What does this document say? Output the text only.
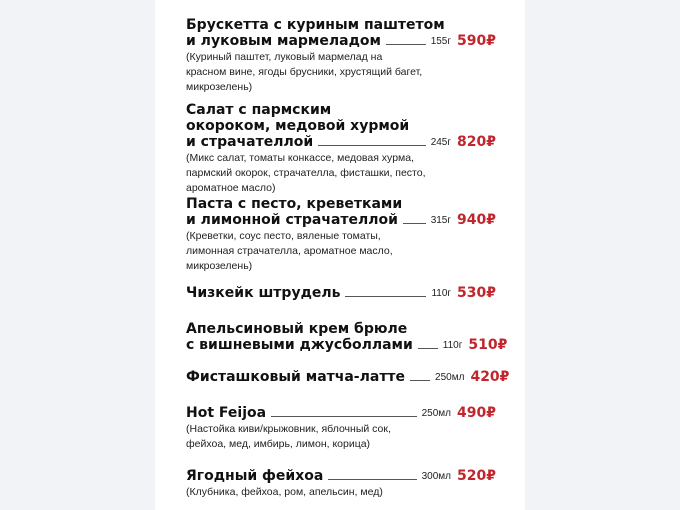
Брускетта с куриным паштетом
и луковым мармеладом	155г 590₽
(Куриный паштет, луковый мармелад на
красном вине, ягоды брусники, хрустящий багет,
микрозелень)
Салат с пармским
окороком, медовой хурмой
и страчателлой	245г 820₽
(Микс салат, томаты конкассе, медовая хурма,
пармский окорок, страчателла, фисташки, песто,
ароматное масло)
Паста с песто, креветками
и лимонной страчателлой	315г 940₽
(Креветки, соус песто, вяленые томаты,
лимонная страчателла, ароматное масло,
микрозелень)
Чизкейк штрудель	110г 530₽
Апельсиновый крем брюле
с вишневыми джусболлами	110г 510₽
Фисташковый матча-латте	250мл 420₽
Hot Feijoa	250мл 490₽
(Настойка киви/крыжовник, яблочный сок,
фейхоа, мед, имбирь, лимон, корица)
Ягодный фейхоа	300мл 520₽
(Клубника, фейхоа, ром, апельсин, мед)
